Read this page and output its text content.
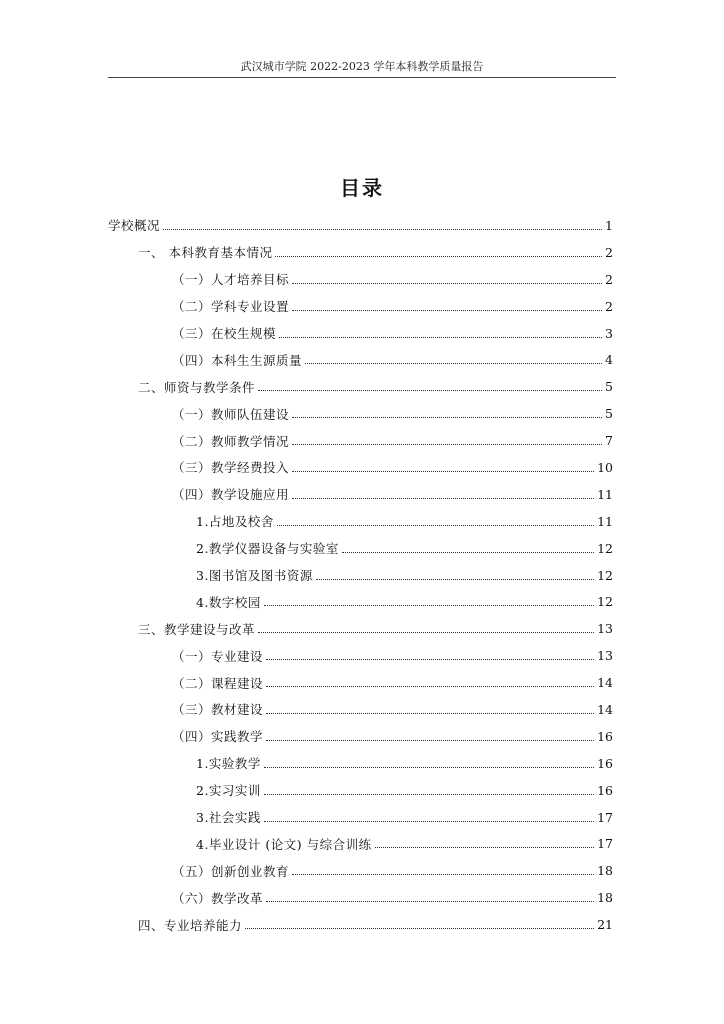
武汉城市学院 2022-2023 学年本科教学质量报告
目录
学校概况	1
一、 本科教育基本情况	2
（一）人才培养目标	2
（二）学科专业设置	2
（三）在校生规模	3
（四）本科生生源质量	4
二、师资与教学条件	5
（一）教师队伍建设	5
（二）教师教学情况	7
（三）教学经费投入	10
（四）教学设施应用	11
1.占地及校舍	11
2.教学仪器设备与实验室	12
3.图书馆及图书资源	12
4.数字校园	12
三、教学建设与改革	13
（一）专业建设	13
（二）课程建设	14
（三）教材建设	14
（四）实践教学	16
1.实验教学	16
2.实习实训	16
3.社会实践	17
4.毕业设计 (论文) 与综合训练	17
（五）创新创业教育	18
（六）教学改革	18
四、专业培养能力	21
